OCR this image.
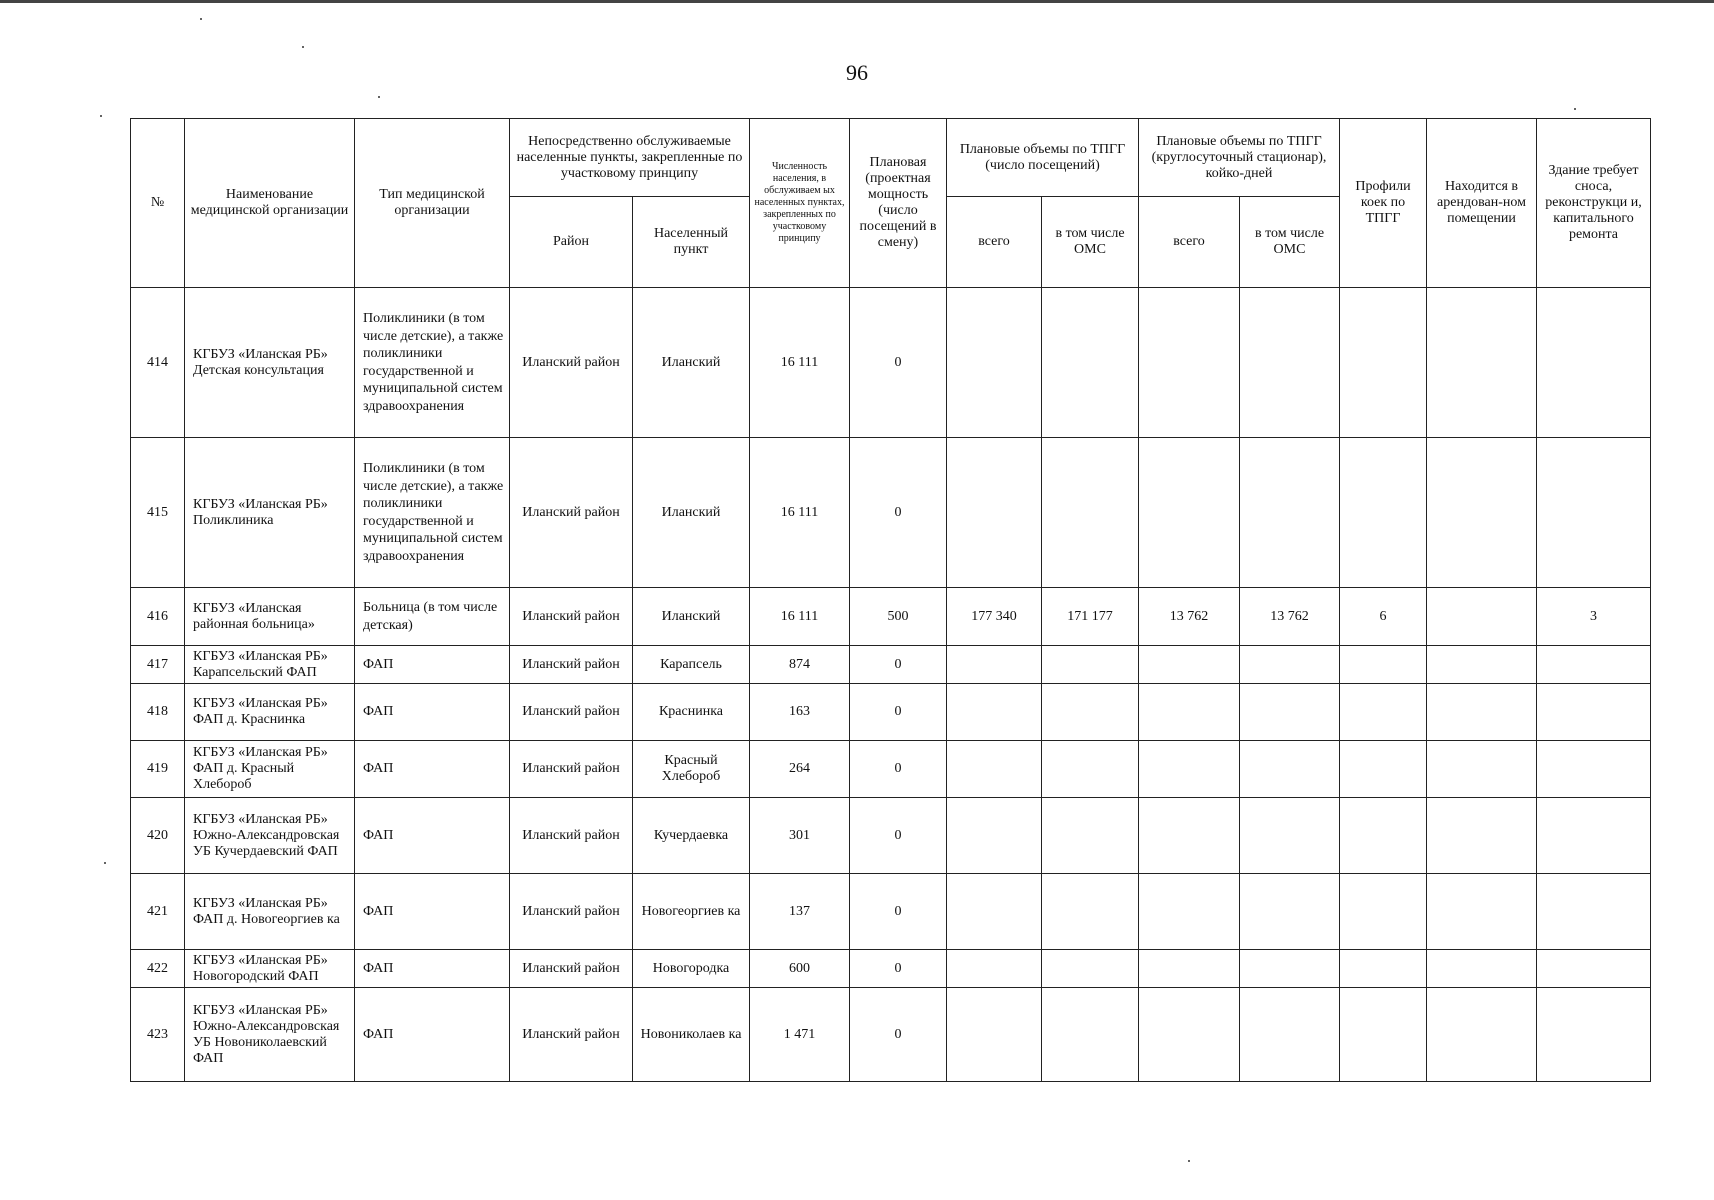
96
№	Наименование медицинской организации	Тип медицинской организации	Непосредственно обслуживаемые населенные пункты, закрепленные по участковому принципу		Численность населения, в обслуживаем ых населенных пунктах, закрепленных по участковому принципу	Плановая (проектная мощность (число посещений в смену)	Плановые объемы по ТПГГ (число посещений)		Плановые объемы по ТПГГ (круглосуточный стационар), койко-дней		Профили коек по ТПГГ	Находится в арендован-ном помещении	Здание требует сноса, реконструкци и, капитального ремонта
			Район	Населенный пункт			всего	в том числе ОМС	всего	в том числе ОМС			
414	КГБУЗ «Иланская РБ» Детская консультация	Поликлиники (в том числе детские), а также поликлиники государственной и муниципальной систем здравоохранения	Иланский район	Иланский	16 111	0							
415	КГБУЗ «Иланская РБ» Поликлиника	Поликлиники (в том числе детские), а также поликлиники государственной и муниципальной систем здравоохранения	Иланский район	Иланский	16 111	0							
416	КГБУЗ «Иланская районная больница»	Больница (в том числе детская)	Иланский район	Иланский	16 111	500	177 340	171 177	13 762	13 762	6		3
417	КГБУЗ «Иланская РБ» Карапсельский ФАП	ФАП	Иланский район	Карапсель	874	0							
418	КГБУЗ «Иланская РБ» ФАП д. Краснинка	ФАП	Иланский район	Краснинка	163	0							
419	КГБУЗ «Иланская РБ» ФАП д. Красный Хлебороб	ФАП	Иланский район	Красный Хлебороб	264	0							
420	КГБУЗ «Иланская РБ» Южно-Александровская УБ Кучердаевский ФАП	ФАП	Иланский район	Кучердаевка	301	0							
421	КГБУЗ «Иланская РБ» ФАП д. Новогеоргиев ка	ФАП	Иланский район	Новогеоргиев ка	137	0							
422	КГБУЗ «Иланская РБ» Новогородский ФАП	ФАП	Иланский район	Новогородка	600	0							
423	КГБУЗ «Иланская РБ» Южно-Александровская УБ Новониколаевский ФАП	ФАП	Иланский район	Новониколаев ка	1 471	0							
